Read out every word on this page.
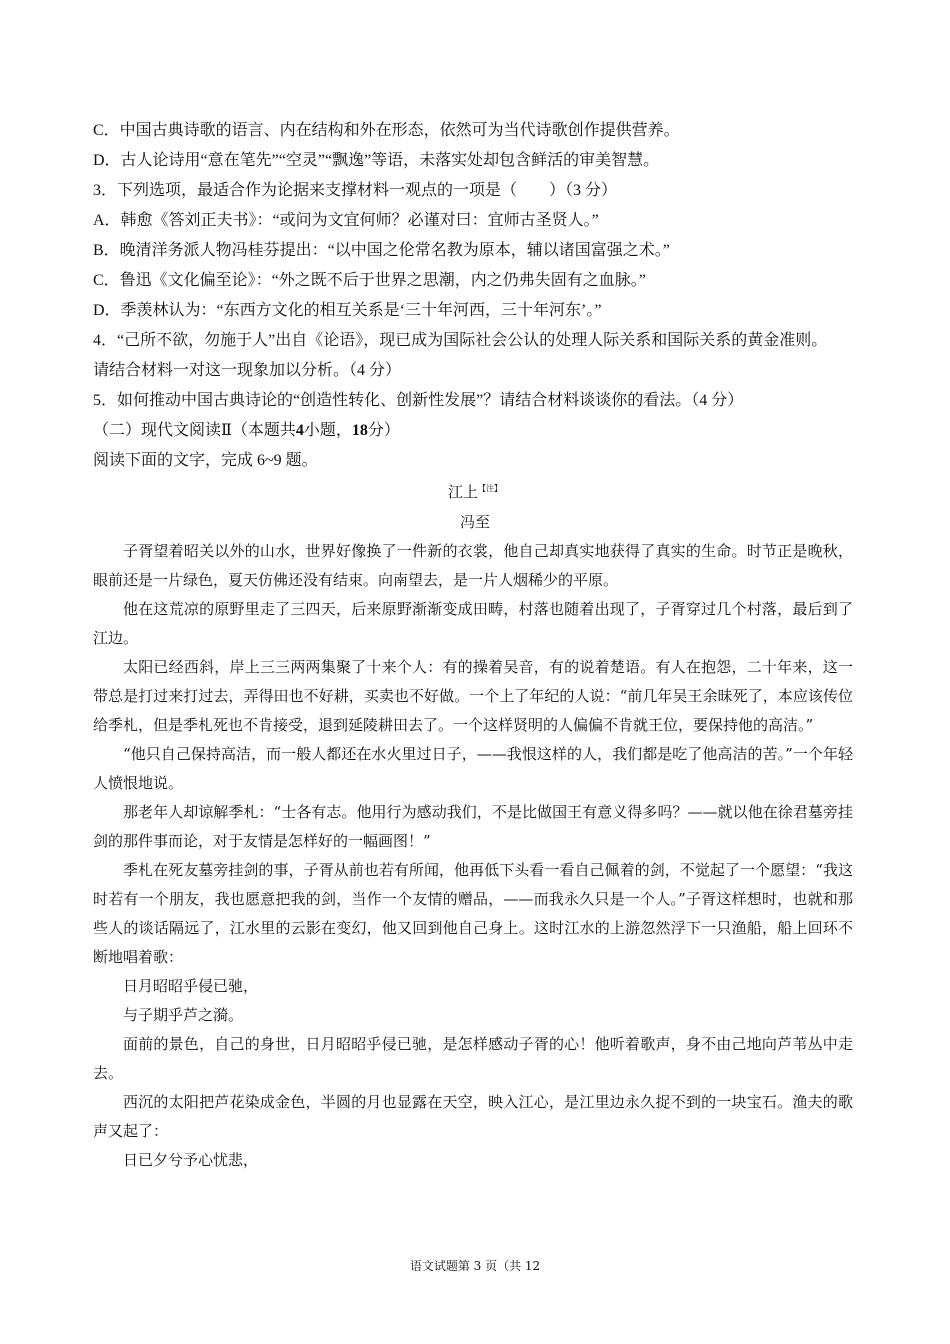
C．中国古典诗歌的语言、内在结构和外在形态，依然可为当代诗歌创作提供营养。
D．古人论诗用“意在笔先”“空灵”“飘逸”等语，未落实处却包含鲜活的审美智慧。
3．下列选项，最适合作为论据来支撑材料一观点的一项是（　　）（3 分）
A．韩愈《答刘正夫书》：“或问为文宜何师？必谨对曰：宜师古圣贤人。”
B．晚清洋务派人物冯桂芬提出：“以中国之伦常名教为原本，辅以诸国富强之术。”
C．鲁迅《文化偏至论》：“外之既不后于世界之思潮，内之仍弗失固有之血脉。”
D．季羡林认为：“东西方文化的相互关系是‘三十年河西，三十年河东’。”
4．“己所不欲，勿施于人”出自《论语》，现已成为国际社会公认的处理人际关系和国际关系的黄金准则。
请结合材料一对这一现象加以分析。（4 分）
5．如何推动中国古典诗论的“创造性转化、创新性发展”？请结合材料谈谈你的看法。（4 分）
（二）现代文阅读Ⅱ（本题共4小题，18分）
阅读下面的文字，完成 6~9 题。
江上$^{【注】}$
冯至

子胥望着昭关以外的山水，世界好像换了一件新的衣裳，他自己却真实地获得了真实的生命。时节正是晚秋，眼前还是一片绿色，夏天仿佛还没有结束。向南望去，是一片人烟稀少的平原。

他在这荒凉的原野里走了三四天，后来原野渐渐变成田畴，村落也随着出现了，子胥穿过几个村落，最后到了江边。

太阳已经西斜，岸上三三两两集聚了十来个人：有的操着吴音，有的说着楚语。有人在抱怨，二十年来，这一带总是打过来打过去，弄得田也不好耕，买卖也不好做。一个上了年纪的人说：“前几年吴王余昧死了，本应该传位给季札，但是季札死也不肯接受，退到延陵耕田去了。一个这样贤明的人偏偏不肯就王位，要保持他的高洁。”

“他只自己保持高洁，而一般人都还在水火里过日子，——我恨这样的人，我们都是吃了他高洁的苦。”一个年轻人愤恨地说。

那老年人却谅解季札：“士各有志。他用行为感动我们，不是比做国王有意义得多吗？——就以他在徐君墓旁挂剑的那件事而论，对于友情是怎样好的一幅画图！”

季札在死友墓旁挂剑的事，子胥从前也若有所闻，他再低下头看一看自己佩着的剑，不觉起了一个愿望：“我这时若有一个朋友，我也愿意把我的剑，当作一个友情的赠品，——而我永久只是一个人。”子胥这样想时，也就和那些人的谈话隔远了，江水里的云影在变幻，他又回到他自己身上。这时江水的上游忽然浮下一只渔船，船上回环不断地唱着歌：

日月昭昭乎侵已驰，

与子期乎芦之漪。

面前的景色，自己的身世，日月昭昭乎侵已驰，是怎样感动子胥的心！他听着歌声，身不由己地向芦苇丛中走去。

西沉的太阳把芦花染成金色，半圆的月也显露在天空，映入江心，是江里边永久捉不到的一块宝石。渔夫的歌声又起了：

日已夕兮予心忧悲，

语文试题第 3 页（共 12
